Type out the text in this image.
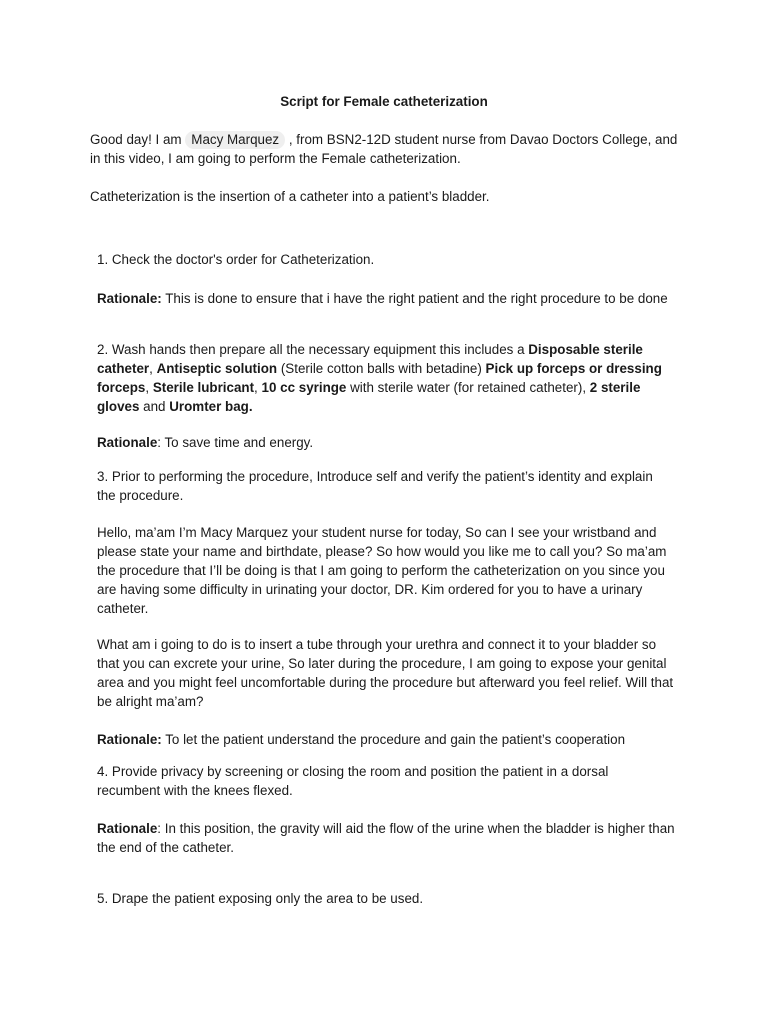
Script for Female catheterization

Good day! I am Macy Marquez , from BSN2-12D student nurse from Davao Doctors College, and in this video, I am going to perform the Female catheterization.

Catheterization is the insertion of a catheter into a patient’s bladder.

1. Check the doctor's order for Catheterization.

Rationale: This is done to ensure that i have the right patient and the right procedure to be done

2. Wash hands then prepare all the necessary equipment this includes a Disposable sterile catheter, Antiseptic solution (Sterile cotton balls with betadine) Pick up forceps or dressing forceps, Sterile lubricant, 10 cc syringe with sterile water (for retained catheter), 2 sterile gloves and Uromter bag.

Rationale: To save time and energy.

3. Prior to performing the procedure, Introduce self and verify the patient’s identity and explain the procedure.

Hello, ma’am I’m Macy Marquez your student nurse for today, So can I see your wristband and please state your name and birthdate, please? So how would you like me to call you? So ma’am the procedure that I’ll be doing is that I am going to perform the catheterization on you since you are having some difficulty in urinating your doctor, DR. Kim ordered for you to have a urinary catheter.

What am i going to do is to insert a tube through your urethra and connect it to your bladder so that you can excrete your urine, So later during the procedure, I am going to expose your genital area and you might feel uncomfortable during the procedure but afterward you feel relief. Will that be alright ma’am?

Rationale: To let the patient understand the procedure and gain the patient’s cooperation

4. Provide privacy by screening or closing the room and position the patient in a dorsal recumbent with the knees flexed.

Rationale: In this position, the gravity will aid the flow of the urine when the bladder is higher than the end of the catheter.

5. Drape the patient exposing only the area to be used.
